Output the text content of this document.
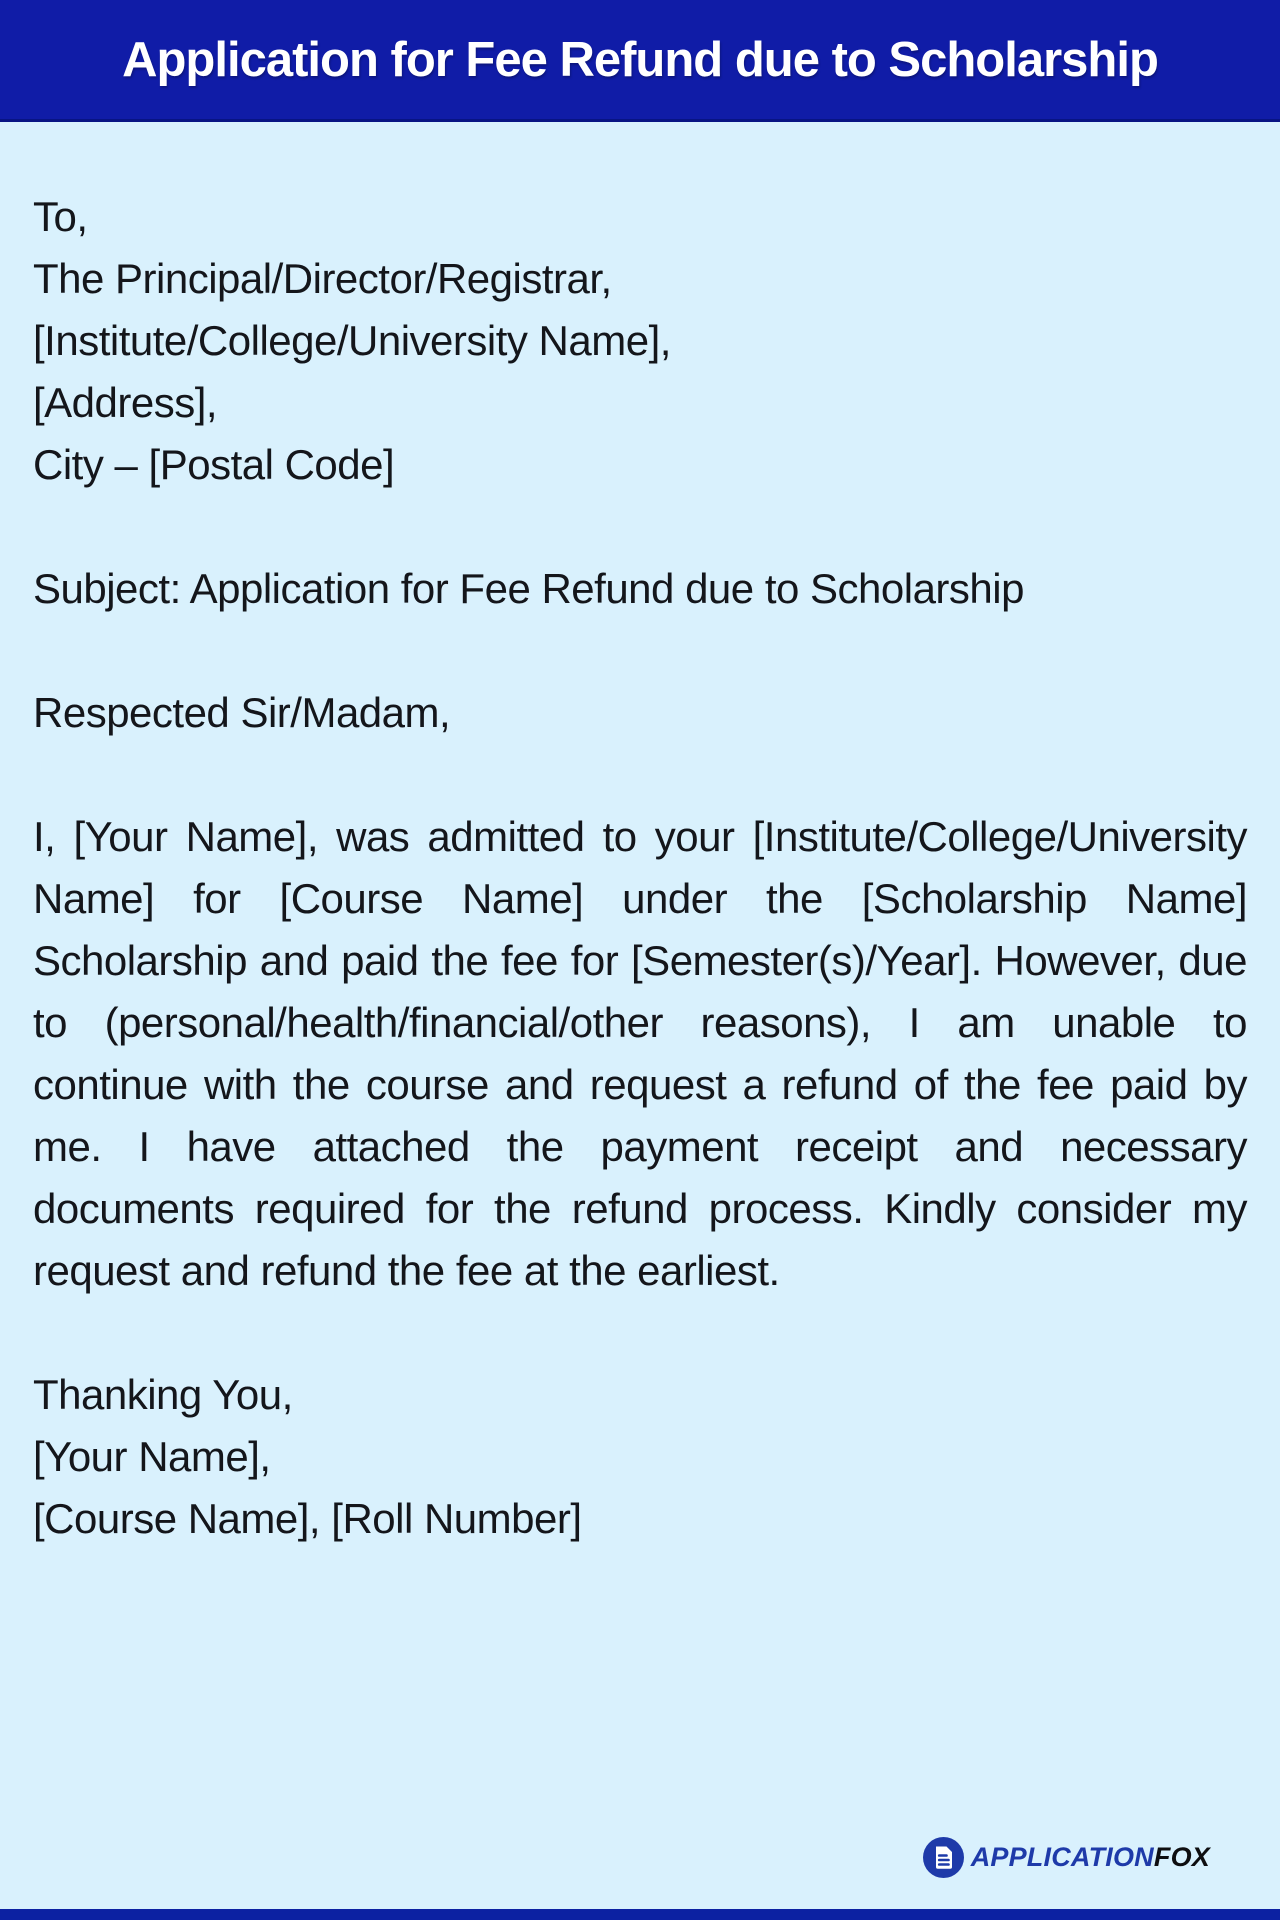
Application for Fee Refund due to Scholarship
To,
The Principal/Director/Registrar,
[Institute/College/University Name],
[Address],
City – [Postal Code]
Subject: Application for Fee Refund due to Scholarship
Respected Sir/Madam,

I, [Your Name], was admitted to your [Institute/College/University Name] for [Course Name] under the [Scholarship Name] Scholarship and paid the fee for [Semester(s)/Year]. However, due to (personal/health/financial/other reasons), I am unable to continue with the course and request a refund of the fee paid by me. I have attached the payment receipt and necessary documents required for the refund process. Kindly consider my request and refund the fee at the earliest.

Thanking You,
[Your Name],
[Course Name], [Roll Number]
APPLICATIONFOX
